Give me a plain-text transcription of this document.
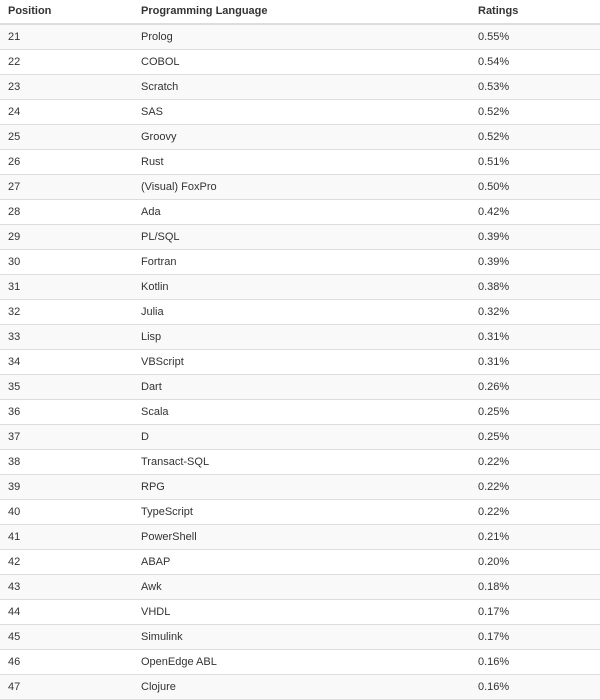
Position	Programming Language	Ratings
21	Prolog	0.55%
22	COBOL	0.54%
23	Scratch	0.53%
24	SAS	0.52%
25	Groovy	0.52%
26	Rust	0.51%
27	(Visual) FoxPro	0.50%
28	Ada	0.42%
29	PL/SQL	0.39%
30	Fortran	0.39%
31	Kotlin	0.38%
32	Julia	0.32%
33	Lisp	0.31%
34	VBScript	0.31%
35	Dart	0.26%
36	Scala	0.25%
37	D	0.25%
38	Transact-SQL	0.22%
39	RPG	0.22%
40	TypeScript	0.22%
41	PowerShell	0.21%
42	ABAP	0.20%
43	Awk	0.18%
44	VHDL	0.17%
45	Simulink	0.17%
46	OpenEdge ABL	0.16%
47	Clojure	0.16%
